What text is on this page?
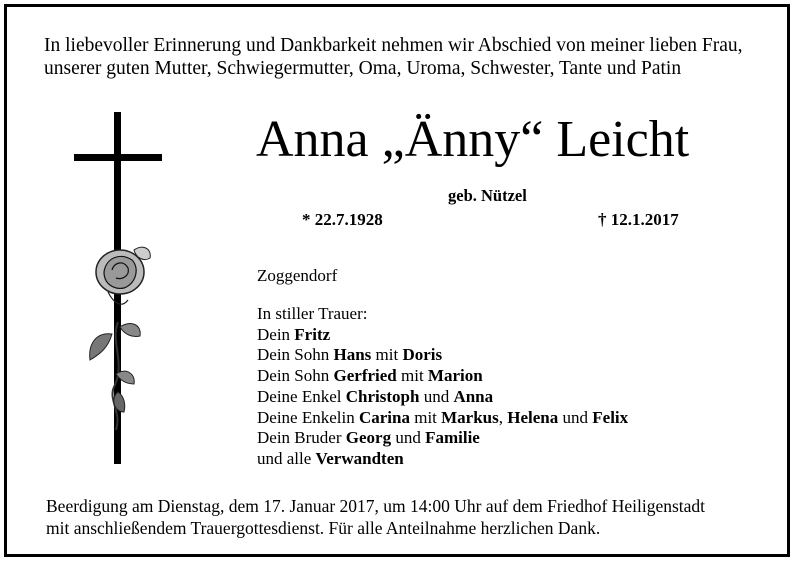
In liebevoller Erinnerung und Dankbarkeit nehmen wir Abschied von meiner lieben Frau,
unserer guten Mutter, Schwiegermutter, Oma, Uroma, Schwester, Tante und Patin
Anna „Änny“ Leicht
geb. Nützel
* 22.7.1928	† 12.1.2017
Zoggendorf
In stiller Trauer:
Dein Fritz
Dein Sohn Hans mit Doris
Dein Sohn Gerfried mit Marion
Deine Enkel Christoph und Anna
Deine Enkelin Carina mit Markus, Helena und Felix
Dein Bruder Georg und Familie
und alle Verwandten
Beerdigung am Dienstag, dem 17. Januar 2017, um 14:00 Uhr auf dem Friedhof Heiligenstadt
mit anschließendem Trauergottesdienst. Für alle Anteilnahme herzlichen Dank.
